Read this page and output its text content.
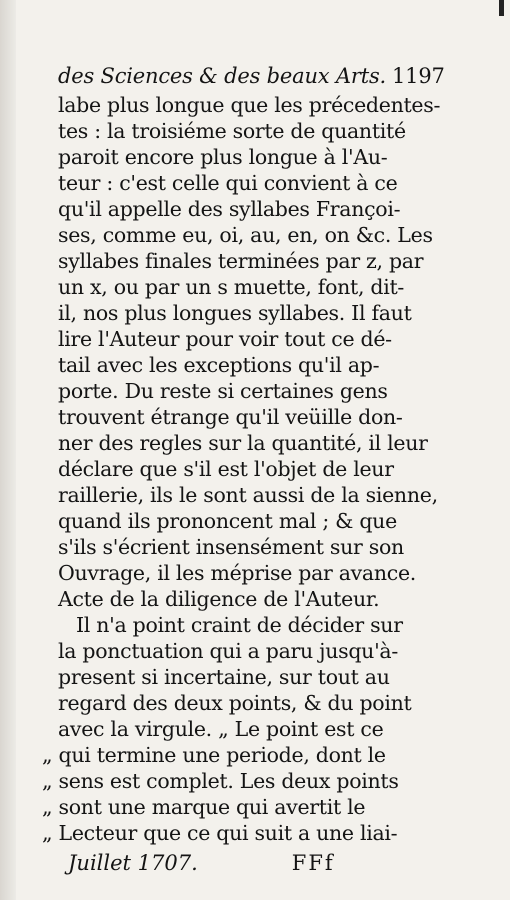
des Sciences & des beaux Arts. 1197
labe plus longue que les précedentes-
tes : la troisiéme sorte de quantité
paroit encore plus longue à l'Au-
teur : c'est celle qui convient à ce
qu'il appelle des syllabes Françoi-
ses, comme eu, oi, au, en, on &c. Les
syllabes finales terminées par z, par
un x, ou par un s muette, font, dit-
il, nos plus longues syllabes. Il faut
lire l'Auteur pour voir tout ce dé-
tail avec les exceptions qu'il ap-
porte. Du reste si certaines gens
trouvent étrange qu'il veüille don-
ner des regles sur la quantité, il leur
déclare que s'il est l'objet de leur
raillerie, ils le sont aussi de la sienne,
quand ils prononcent mal ; & que
s'ils s'écrient insensément sur son
Ouvrage, il les méprise par avance.
Acte de la diligence de l'Auteur.
Il n'a point craint de décider sur
la ponctuation qui a paru jusqu'à-
present si incertaine, sur tout au
regard des deux points, & du point
avec la virgule. „ Le point est ce
„ qui termine une periode, dont le
„ sens est complet. Les deux points
„ sont une marque qui avertit le
„ Lecteur que ce qui suit a une liai-
Juillet 1707.	FFf
